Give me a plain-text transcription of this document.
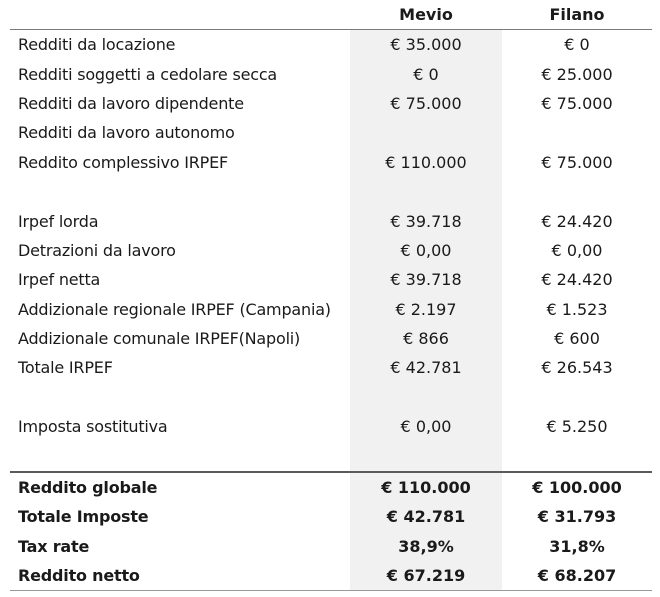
	Mevio	Filano
Redditi da locazione	€ 35.000	€ 0
Redditi soggetti a cedolare secca	€ 0	€ 25.000
Redditi da lavoro dipendente	€ 75.000	€ 75.000
Redditi da lavoro autonomo		
Reddito complessivo IRPEF	€ 110.000	€ 75.000

Irpef lorda	€ 39.718	€ 24.420
Detrazioni da lavoro	€ 0,00	€ 0,00
Irpef netta	€ 39.718	€ 24.420
Addizionale regionale IRPEF (Campania)	€ 2.197	€ 1.523
Addizionale comunale IRPEF(Napoli)	€ 866	€ 600
Totale IRPEF	€ 42.781	€ 26.543

Imposta sostitutiva	€ 0,00	€ 5.250

Reddito globale	€ 110.000	€ 100.000
Totale Imposte	€ 42.781	€ 31.793
Tax rate	38,9%	31,8%
Reddito netto	€ 67.219	€ 68.207
